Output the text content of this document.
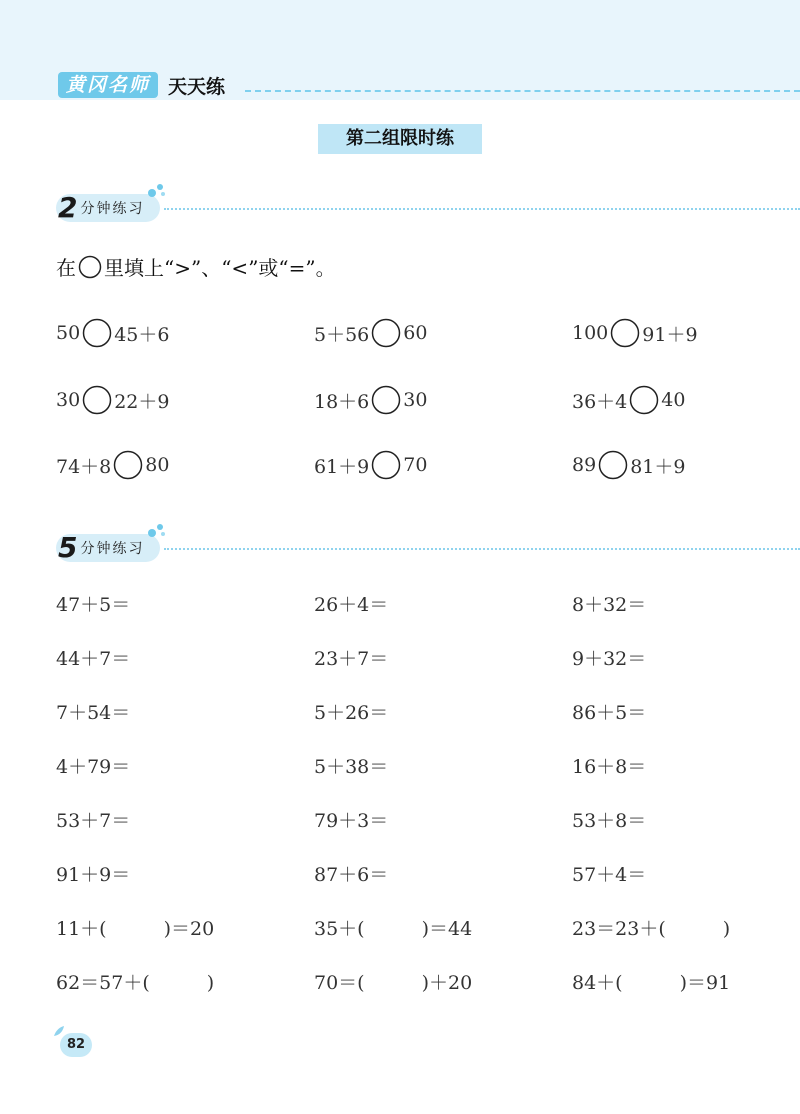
黄冈名师 天天练
第二组限时练
2 分钟练习
在 里填上“>”、“<”或“=”。
50 45＋6	5＋56 60	100 91＋9
30 22＋9	18＋6 30	36＋4 40
74＋8 80	61＋9 70	89 81＋9
5 分钟练习
47＋5＝	26＋4＝	8＋32＝
44＋7＝	23＋7＝	9＋32＝
7＋54＝	5＋26＝	86＋5＝
4＋79＝	5＋38＝	16＋8＝
53＋7＝	79＋3＝	53＋8＝
91＋9＝	87＋6＝	57＋4＝
11＋(　　　)＝20	35＋(　　　)＝44	23＝23＋(　　　)
62＝57＋(　　　)	70＝(　　　)＋20	84＋(　　　)＝91
82
